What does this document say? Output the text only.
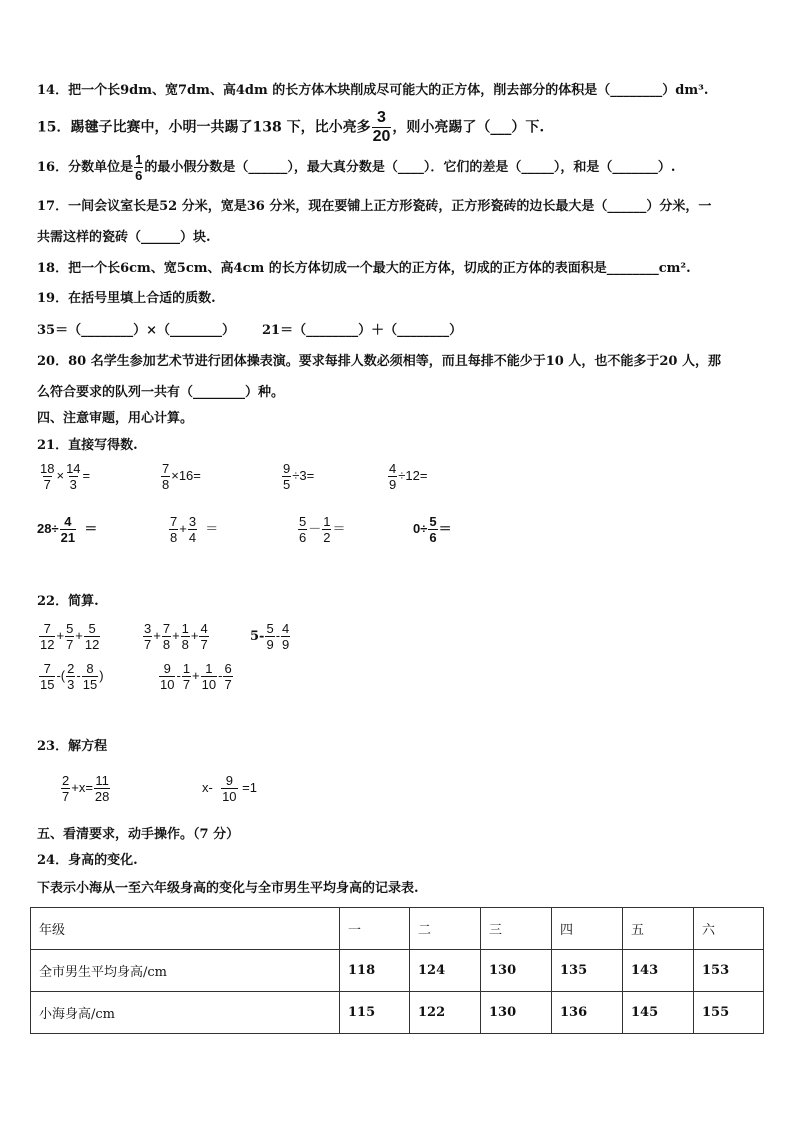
14．把一个长9dm、宽7dm、高4dm 的长方体木块削成尽可能大的正方体，削去部分的体积是（________）dm³.
15．踢毽子比赛中，小明一共踢了138 下，比小亮多 $\frac{3}{20}$ ，则小亮踢了（___）下.
16．分数单位是 $\frac{1}{6}$ 的最小假分数是（______），最大真分数是（____）．它们的差是（_____），和是（_______）.
17．一间会议室长是52 分米，宽是36 分米，现在要铺上正方形瓷砖，正方形瓷砖的边长最大是（______）分米，一
共需这样的瓷砖（______）块.
18．把一个长6cm、宽5cm、高4cm 的长方体切成一个最大的正方体，切成的正方体的表面积是________cm².
19．在括号里填上合适的质数.
35＝（________）×（________） 21＝（________）＋（________）
20．80 名学生参加艺术节进行团体操表演。要求每排人数必须相等，而且每排不能少于10 人，也不能多于20 人，那
么符合要求的队列一共有（________）种。
四、注意审题，用心计算。
21．直接写得数.
$\frac{18}{7} \times \frac{14}{3}$ =	$\frac{7}{8} \times 16=$	$\frac{9}{5} \div 3=$	$\frac{4}{9} \div 12=$
$28\div \frac{4}{21}$ ＝	$\frac{7}{8} + \frac{3}{4}$ ＝	$\frac{5}{6} - \frac{1}{2}$ ＝	$0\div \frac{5}{6}$ ＝
22．简算.
$\frac{7}{12} + \frac{5}{7} + \frac{5}{12}$	$\frac{3}{7} + \frac{7}{8} + \frac{1}{8} + \frac{4}{7}$	$5- \frac{5}{9} - \frac{4}{9}$
$\frac{7}{15}$ -( $\frac{2}{3} - \frac{8}{15}$ )	$\frac{9}{10} - \frac{1}{7} + \frac{1}{10} - \frac{6}{7}$
23．解方程
$\frac{2}{7} +x= \frac{11}{28}$	$x- \frac{9}{10} =1$
五、看清要求，动手操作。（7 分）
24．身高的变化.
下表示小海从一至六年级身高的变化与全市男生平均身高的记录表.
年级	一	二	三	四	五	六
全市男生平均身高/cm	118	124	130	135	143	153
小海身高/cm	115	122	130	136	145	155
